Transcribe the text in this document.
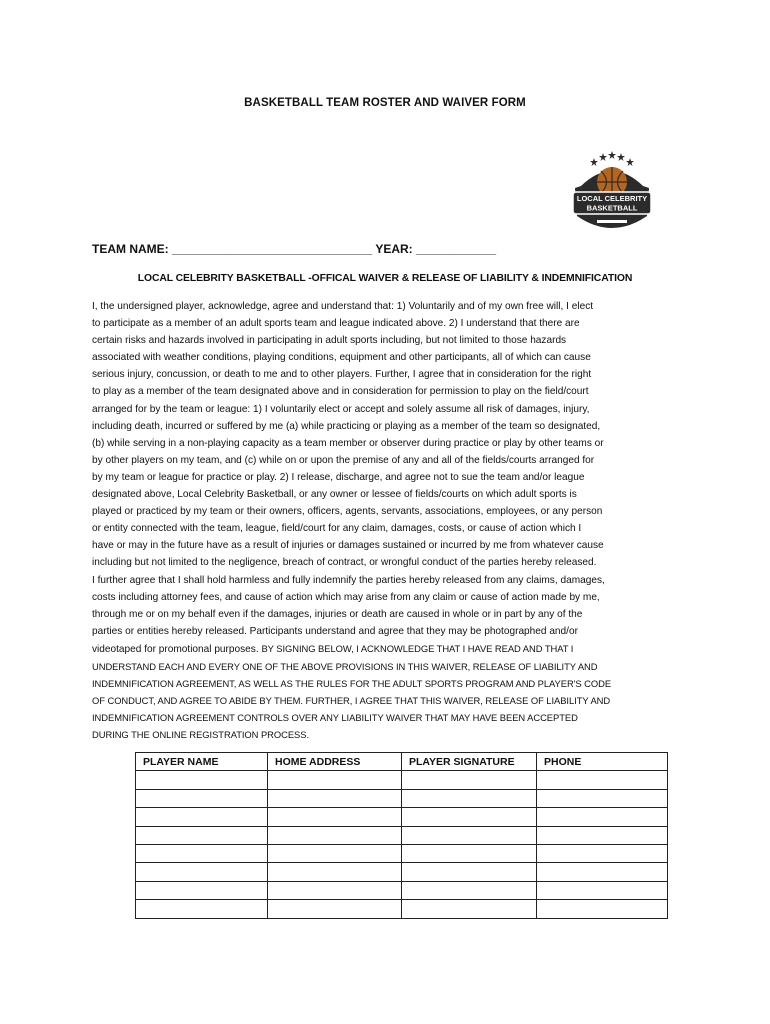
BASKETBALL TEAM ROSTER AND WAIVER FORM
LOCAL CELEBRITY
BASKETBALL
TEAM NAME: ______________________________ YEAR: ____________
LOCAL CELEBRITY BASKETBALL -OFFICAL WAIVER & RELEASE OF LIABILITY & INDEMNIFICATION
I, the undersigned player, acknowledge, agree and understand that: 1) Voluntarily and of my own free will, I elect
to participate as a member of an adult sports team and league indicated above. 2) I understand that there are
certain risks and hazards involved in participating in adult sports including, but not limited to those hazards
associated with weather conditions, playing conditions, equipment and other participants, all of which can cause
serious injury, concussion, or death to me and to other players. Further, I agree that in consideration for the right
to play as a member of the team designated above and in consideration for permission to play on the field/court
arranged for by the team or league: 1) I voluntarily elect or accept and solely assume all risk of damages, injury,
including death, incurred or suffered by me (a) while practicing or playing as a member of the team so designated,
(b) while serving in a non-playing capacity as a team member or observer during practice or play by other teams or
by other players on my team, and (c) while on or upon the premise of any and all of the fields/courts arranged for
by my team or league for practice or play. 2) I release, discharge, and agree not to sue the team and/or league
designated above, Local Celebrity Basketball, or any owner or lessee of fields/courts on which adult sports is
played or practiced by my team or their owners, officers, agents, servants, associations, employees, or any person
or entity connected with the team, league, field/court for any claim, damages, costs, or cause of action which I
have or may in the future have as a result of injuries or damages sustained or incurred by me from whatever cause
including but not limited to the negligence, breach of contract, or wrongful conduct of the parties hereby released.
I further agree that I shall hold harmless and fully indemnify the parties hereby released from any claims, damages,
costs including attorney fees, and cause of action which may arise from any claim or cause of action made by me,
through me or on my behalf even if the damages, injuries or death are caused in whole or in part by any of the
parties or entities hereby released. Participants understand and agree that they may be photographed and/or
videotaped for promotional purposes. BY SIGNING BELOW, I ACKNOWLEDGE THAT I HAVE READ AND THAT I
UNDERSTAND EACH AND EVERY ONE OF THE ABOVE PROVISIONS IN THIS WAIVER, RELEASE OF LIABILITY AND
INDEMNIFICATION AGREEMENT, AS WELL AS THE RULES FOR THE ADULT SPORTS PROGRAM AND PLAYER'S CODE
OF CONDUCT, AND AGREE TO ABIDE BY THEM. FURTHER, I AGREE THAT THIS WAIVER, RELEASE OF LIABILITY AND
INDEMNIFICATION AGREEMENT CONTROLS OVER ANY LIABILITY WAIVER THAT MAY HAVE BEEN ACCEPTED
DURING THE ONLINE REGISTRATION PROCESS.
PLAYER NAME	HOME ADDRESS	PLAYER SIGNATURE	PHONE
